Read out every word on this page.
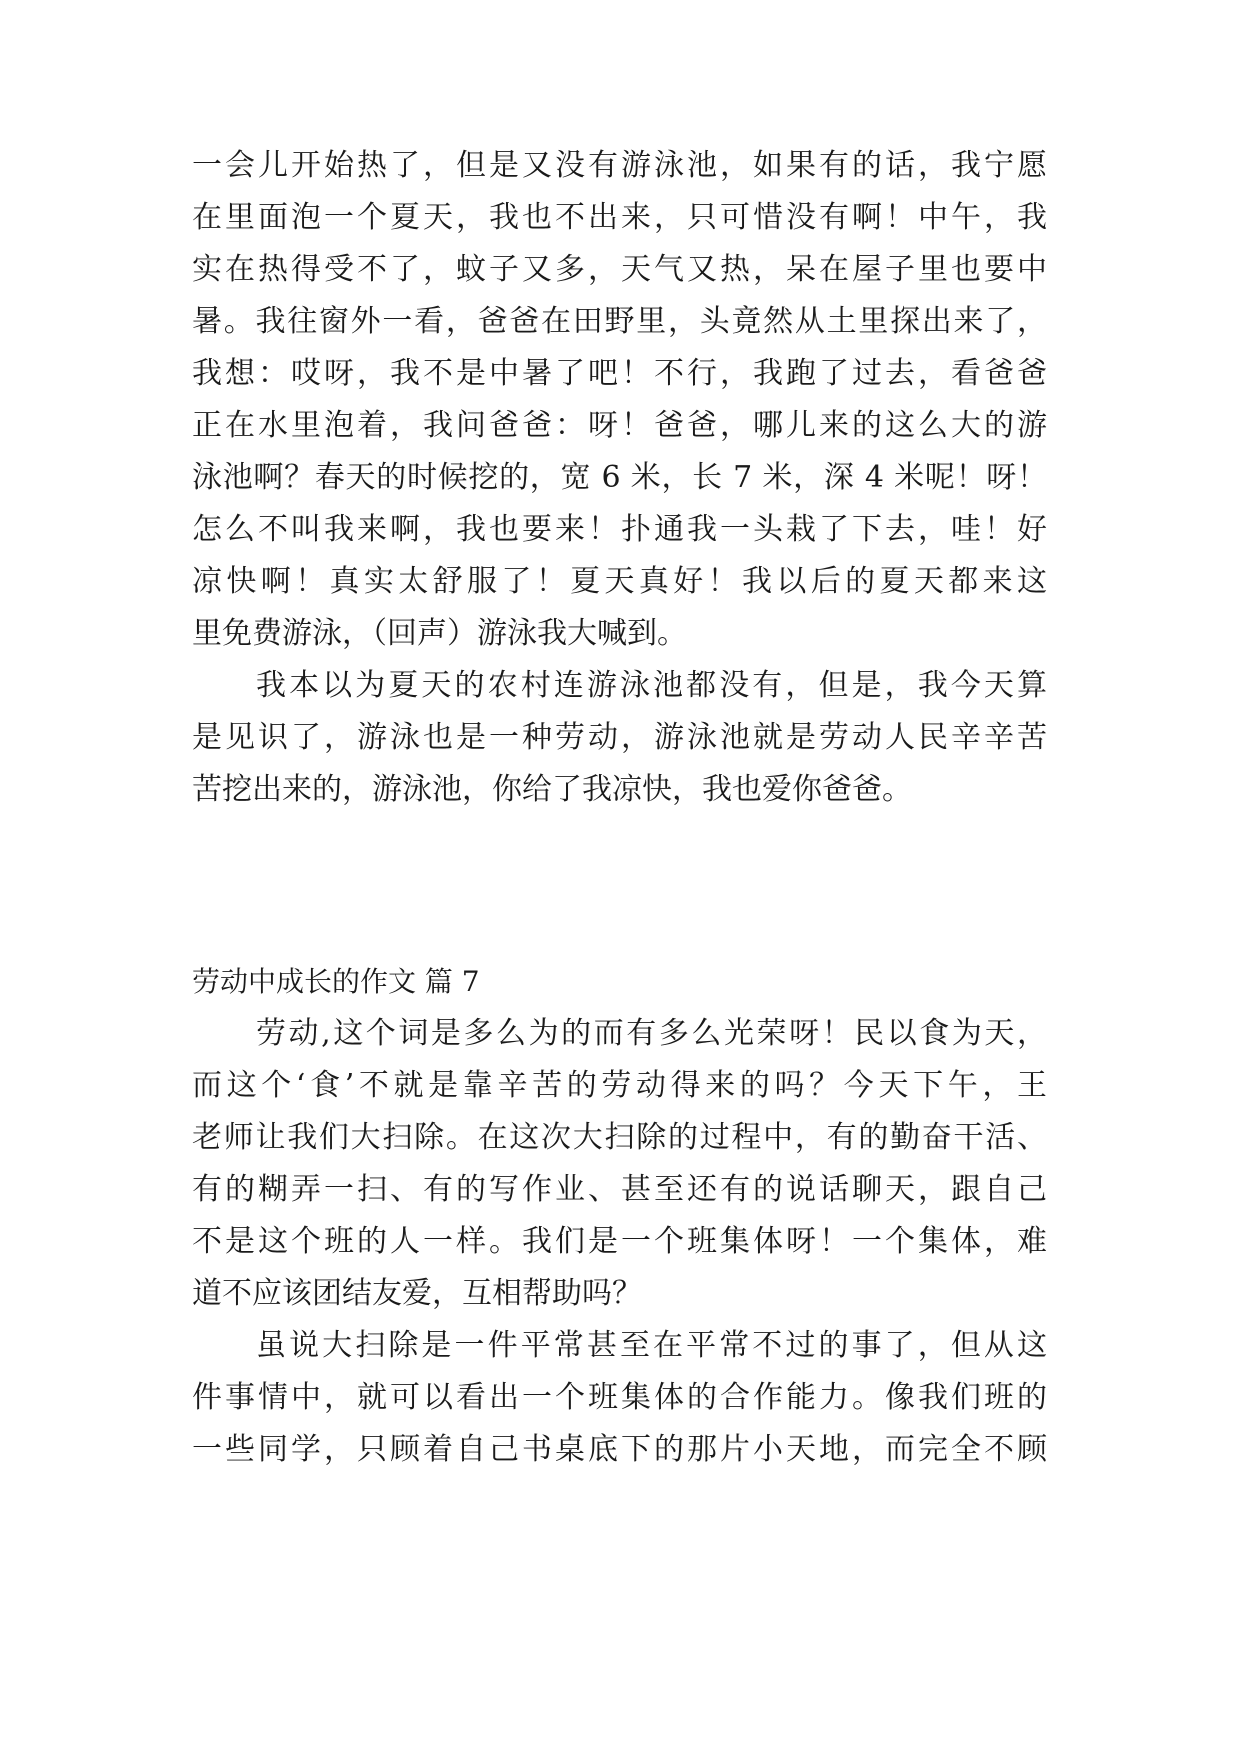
一会儿开始热了，但是又没有游泳池，如果有的话，我宁愿
在里面泡一个夏天，我也不出来，只可惜没有啊！中午，我
实在热得受不了，蚊子又多，天气又热，呆在屋子里也要中
暑。我往窗外一看，爸爸在田野里，头竟然从土里探出来了，
我想：哎呀，我不是中暑了吧！不行，我跑了过去，看爸爸
正在水里泡着，我问爸爸：呀！爸爸，哪儿来的这么大的游
泳池啊？春天的时候挖的，宽 6 米，长 7 米，深 4 米呢！呀！
怎么不叫我来啊，我也要来！扑通我一头栽了下去，哇！好
凉快啊！真实太舒服了！夏天真好！我以后的夏天都来这
里免费游泳，（回声）游泳我大喊到。
我本以为夏天的农村连游泳池都没有，但是，我今天算
是见识了，游泳也是一种劳动，游泳池就是劳动人民辛辛苦
苦挖出来的，游泳池，你给了我凉快，我也爱你爸爸。
劳动中成长的作文 篇 7
劳动,这个词是多么为的而有多么光荣呀！民以食为天，
而这个‘食’不就是靠辛苦的劳动得来的吗？今天下午，王
老师让我们大扫除。在这次大扫除的过程中，有的勤奋干活、
有的糊弄一扫、有的写作业、甚至还有的说话聊天，跟自己
不是这个班的人一样。我们是一个班集体呀！一个集体，难
道不应该团结友爱，互相帮助吗？
虽说大扫除是一件平常甚至在平常不过的事了，但从这
件事情中，就可以看出一个班集体的合作能力。像我们班的
一些同学，只顾着自己书桌底下的那片小天地，而完全不顾
